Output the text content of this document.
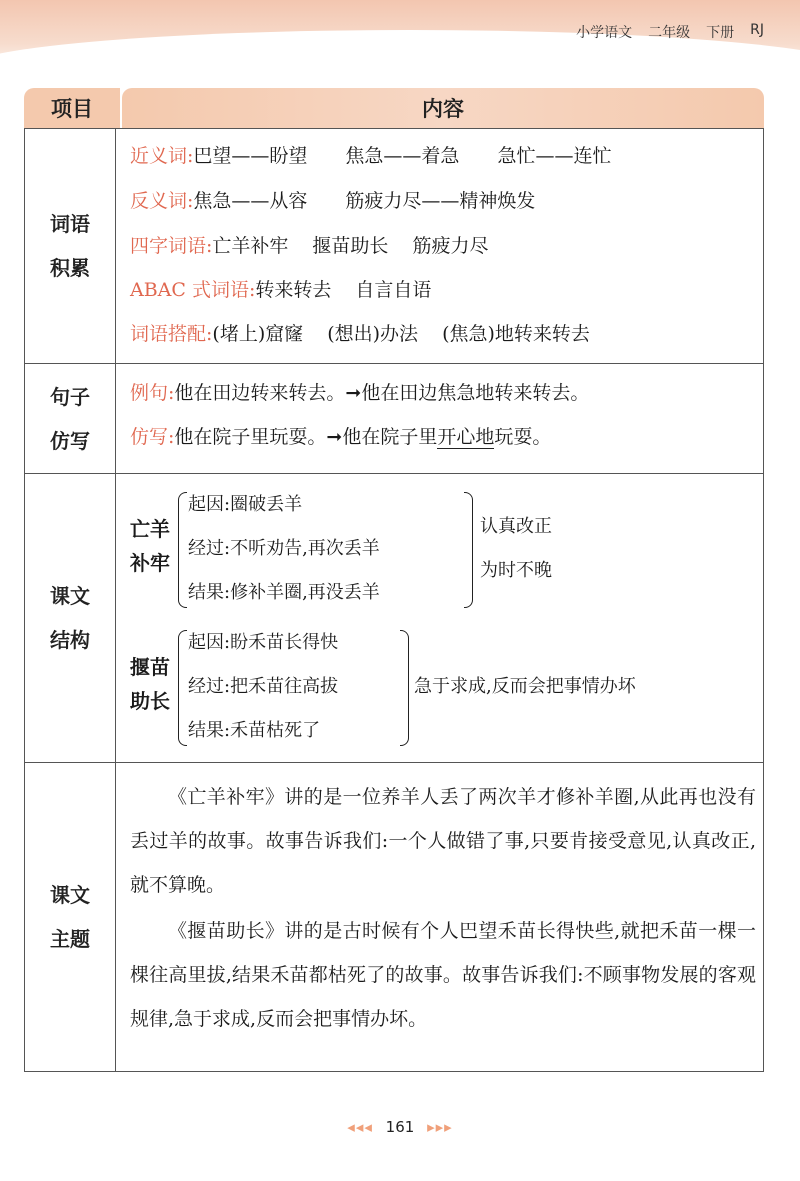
小学语文 二年级 下册 RJ
项目	内容
词语
积累
近义词:巴望——盼望 焦急——着急 急忙——连忙
反义词:焦急——从容 筋疲力尽——精神焕发
四字词语:亡羊补牢 揠苗助长 筋疲力尽
ABAC 式词语:转来转去 自言自语
词语搭配:(堵上)窟窿 (想出)办法 (焦急)地转来转去
句子
仿写
例句:他在田边转来转去。➞他在田边焦急地转来转去。
仿写:他在院子里玩耍。➞他在院子里开心地玩耍。
课文
结构
亡羊
补牢
起因:圈破丢羊
经过:不听劝告,再次丢羊
结果:修补羊圈,再没丢羊
认真改正
为时不晚
揠苗
助长
起因:盼禾苗长得快
经过:把禾苗往高拔
结果:禾苗枯死了
急于求成,反而会把事情办坏
课文
主题
《亡羊补牢》讲的是一位养羊人丢了两次羊才修补羊圈,从此再也没有丢过羊的故事。故事告诉我们:一个人做错了事,只要肯接受意见,认真改正,就不算晚。
《揠苗助长》讲的是古时候有个人巴望禾苗长得快些,就把禾苗一棵一棵往高里拔,结果禾苗都枯死了的故事。故事告诉我们:不顾事物发展的客观规律,急于求成,反而会把事情办坏。
◂◂◂ 161 ▸▸▸
